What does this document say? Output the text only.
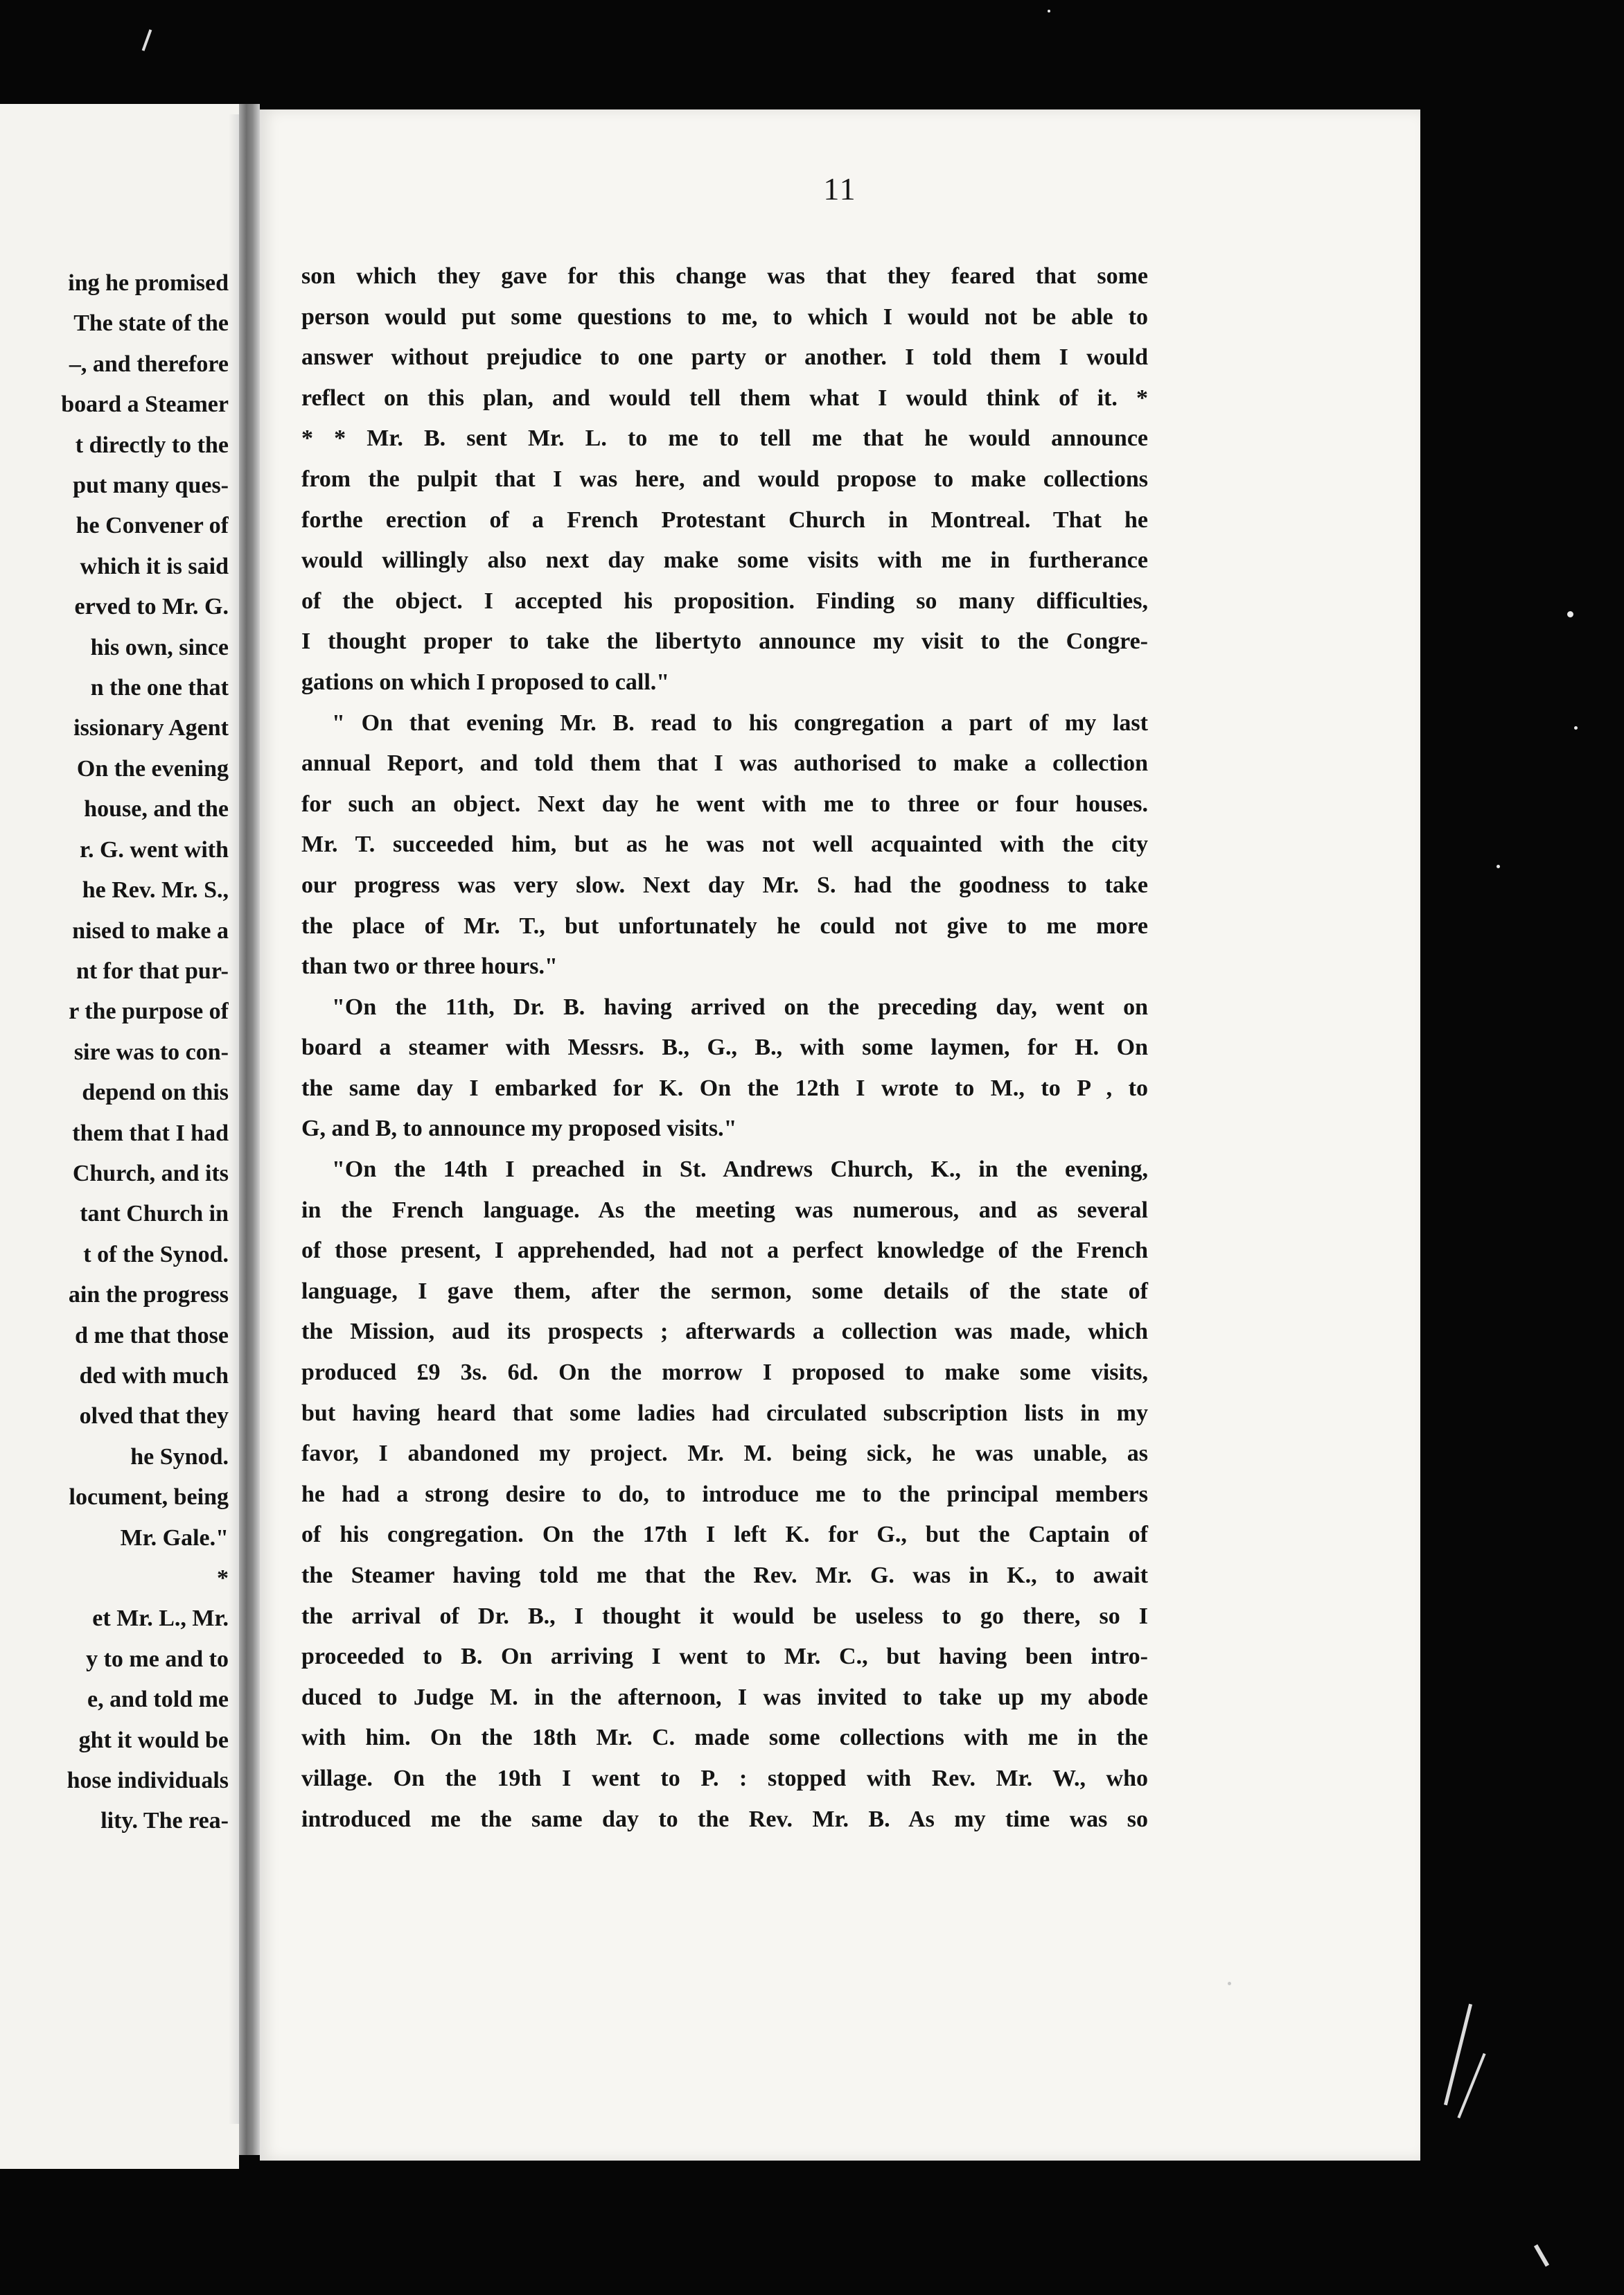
ing he promised
The state of the
–, and therefore
board a Steamer
t directly to the
put many ques-
he Convener of
which it is said
erved to Mr. G.
his own, since
n the one that
issionary Agent
On the evening
house, and the
r. G. went with
he Rev. Mr. S.,
nised to make a
nt for that pur-
r the purpose of
sire was to con-
depend on this
them that I had
Church, and its
tant Church in
t of the Synod.
ain the progress
d me that those
ded with much
olved that they
he Synod.
locument, being
Mr. Gale."
*
et Mr. L., Mr.
y to me and to
e, and told me
ght it would be
hose individuals
lity. The rea-
11
son which they gave for this change was that they feared that some
person would put some questions to me, to which I would not be able to
answer without prejudice to one party or another. I told them I would
reflect on this plan, and would tell them what I would think of it. *
* * Mr. B. sent Mr. L. to me to tell me that he would announce
from the pulpit that I was here, and would propose to make collections
forthe erection of a French Protestant Church in Montreal. That he
would willingly also next day make some visits with me in furtherance
of the object. I accepted his proposition. Finding so many difficulties,
I thought proper to take the libertyto announce my visit to the Congre-
gations on which I proposed to call."
" On that evening Mr. B. read to his congregation a part of my last
annual Report, and told them that I was authorised to make a collection
for such an object. Next day he went with me to three or four houses.
Mr. T. succeeded him, but as he was not well acquainted with the city
our progress was very slow. Next day Mr. S. had the goodness to take
the place of Mr. T., but unfortunately he could not give to me more
than two or three hours."
"On the 11th, Dr. B. having arrived on the preceding day, went on
board a steamer with Messrs. B., G., B., with some laymen, for H. On
the same day I embarked for K. On the 12th I wrote to M., to P , to
G, and B, to announce my proposed visits."
"On the 14th I preached in St. Andrews Church, K., in the evening,
in the French language. As the meeting was numerous, and as several
of those present, I apprehended, had not a perfect knowledge of the French
language, I gave them, after the sermon, some details of the state of
the Mission, aud its prospects ; afterwards a collection was made, which
produced £9 3s. 6d. On the morrow I proposed to make some visits,
but having heard that some ladies had circulated subscription lists in my
favor, I abandoned my project. Mr. M. being sick, he was unable, as
he had a strong desire to do, to introduce me to the principal members
of his congregation. On the 17th I left K. for G., but the Captain of
the Steamer having told me that the Rev. Mr. G. was in K., to await
the arrival of Dr. B., I thought it would be useless to go there, so I
proceeded to B. On arriving I went to Mr. C., but having been intro-
duced to Judge M. in the afternoon, I was invited to take up my abode
with him. On the 18th Mr. C. made some collections with me in the
village. On the 19th I went to P. : stopped with Rev. Mr. W., who
introduced me the same day to the Rev. Mr. B. As my time was so
